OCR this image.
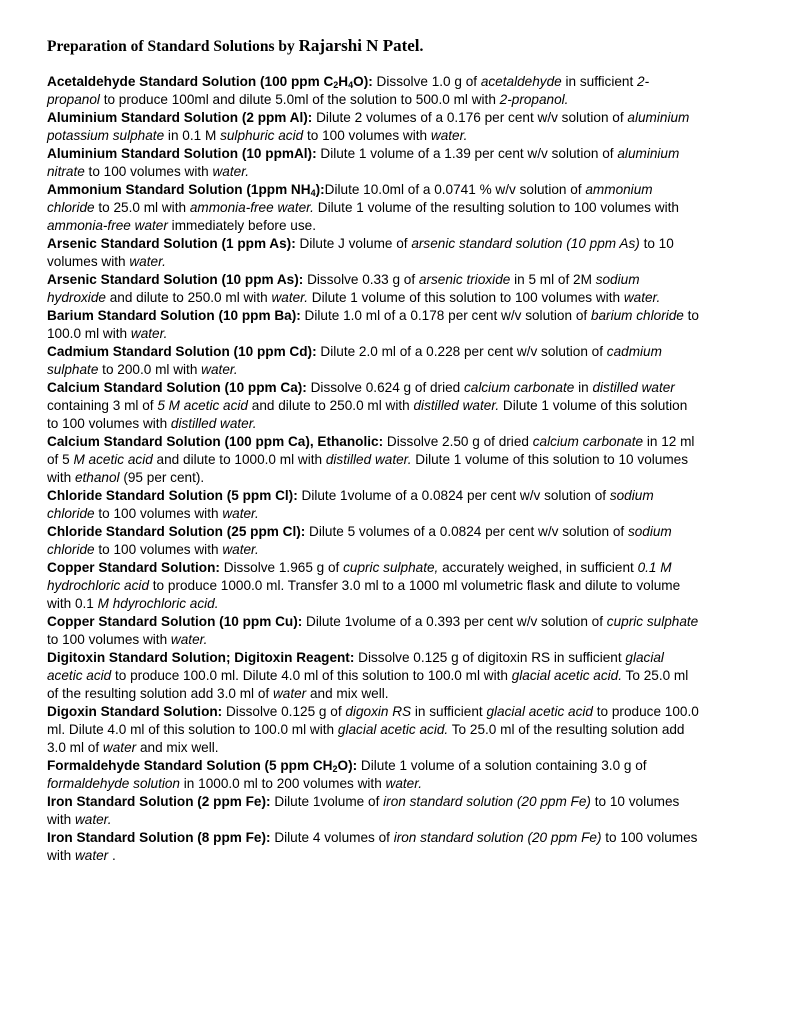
Preparation of Standard Solutions by Rajarshi N Patel.

Acetaldehyde Standard Solution (100 ppm $C_2H_4O$): Dissolve 1.0 g of acetaldehyde in sufficient 2-propanol to produce 100ml and dilute 5.0ml of the solution to 500.0 ml with 2-propanol.

Aluminium Standard Solution (2 ppm Al): Dilute 2 volumes of a 0.176 per cent w/v solution of aluminium potassium sulphate in 0.1 M sulphuric acid to 100 volumes with water.

Aluminium Standard Solution (10 ppmAl): Dilute 1 volume of a 1.39 per cent w/v solution of aluminium nitrate to 100 volumes with water.

Ammonium Standard Solution (1ppm $NH_4):Dilute$ 10.0ml of a 0.0741 % w/v solution of ammonium chloride to 25.0 ml with ammonia-free water. Dilute 1 volume of the resulting solution to 100 volumes with ammonia-free water immediately before use.

Arsenic Standard Solution (1 ppm As): Dilute J volume of arsenic standard solution (10 ppm As) to 10 volumes with water.

Arsenic Standard Solution (10 ppm As): Dissolve 0.33 g of arsenic trioxide in 5 ml of 2M sodium hydroxide and dilute to 250.0 ml with water. Dilute 1 volume of this solution to 100 volumes with water.

Barium Standard Solution (10 ppm Ba): Dilute 1.0 ml of a 0.178 per cent w/v solution of barium chloride to 100.0 ml with water.

Cadmium Standard Solution (10 ppm Cd): Dilute 2.0 ml of a 0.228 per cent w/v solution of cadmium sulphate to 200.0 ml with water.

Calcium Standard Solution (10 ppm Ca): Dissolve 0.624 g of dried calcium carbonate in distilled water containing 3 ml of 5 M acetic acid and dilute to 250.0 ml with distilled water. Dilute 1 volume of this solution to 100 volumes with distilled water.

Calcium Standard Solution (100 ppm Ca), Ethanolic: Dissolve 2.50 g of dried calcium carbonate in 12 ml of 5 M acetic acid and dilute to 1000.0 ml with distilled water. Dilute 1 volume of this solution to 10 volumes with ethanol (95 per cent).

Chloride Standard Solution (5 ppm Cl): Dilute 1volume of a 0.0824 per cent w/v solution of sodium chloride to 100 volumes with water.

Chloride Standard Solution (25 ppm Cl): Dilute 5 volumes of a 0.0824 per cent w/v solution of sodium chloride to 100 volumes with water.

Copper Standard Solution: Dissolve 1.965 g of cupric sulphate, accurately weighed, in sufficient 0.1 M hydrochloric acid to produce 1000.0 ml. Transfer 3.0 ml to a 1000 ml volumetric flask and dilute to volume with 0.1 M hdyrochloric acid.

Copper Standard Solution (10 ppm Cu): Dilute 1volume of a 0.393 per cent w/v solution of cupric sulphate to 100 volumes with water.

Digitoxin Standard Solution; Digitoxin Reagent: Dissolve 0.125 g of digitoxin RS in sufficient glacial acetic acid to produce 100.0 ml. Dilute 4.0 ml of this solution to 100.0 ml with glacial acetic acid. To 25.0 ml of the resulting solution add 3.0 ml of water and mix well.

Digoxin Standard Solution: Dissolve 0.125 g of digoxin RS in sufficient glacial acetic acid to produce 100.0 ml. Dilute 4.0 ml of this solution to 100.0 ml with glacial acetic acid. To 25.0 ml of the resulting solution add 3.0 ml of water and mix well.

Formaldehyde Standard Solution (5 ppm $CH_2O$): Dilute 1 volume of a solution containing 3.0 g of formaldehyde solution in 1000.0 ml to 200 volumes with water.

Iron Standard Solution (2 ppm Fe): Dilute 1volume of iron standard solution (20 ppm Fe) to 10 volumes with water.

Iron Standard Solution (8 ppm Fe): Dilute 4 volumes of iron standard solution (20 ppm Fe) to 100 volumes with water .
